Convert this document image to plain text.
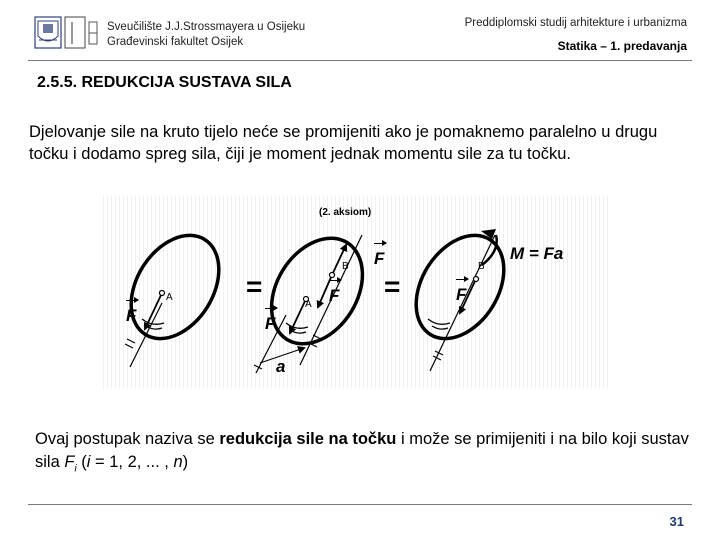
Sveučilište J.J.Strossmayera u Osijeku
Građevinski fakultet Osijek
Preddiplomski studij arhitekture i urbanizma
Statika – 1. predavanja
2.5.5. REDUKCIJA SUSTAVA SILA
Djelovanje sile na kruto tijelo neće se promijeniti ako je pomaknemo paralelno u drugu točku i dodamo spreg sila, čiji je moment jednak momentu sile za tu točku.
(2. aksiom)
A
A
B	B
F	F
F
F	F
=	=
a
M = Fa
Ovaj postupak naziva se redukcija sile na točku i može se primijeniti i na bilo koji sustav sila $F_i$ (i = 1, 2, ... , n)
31
